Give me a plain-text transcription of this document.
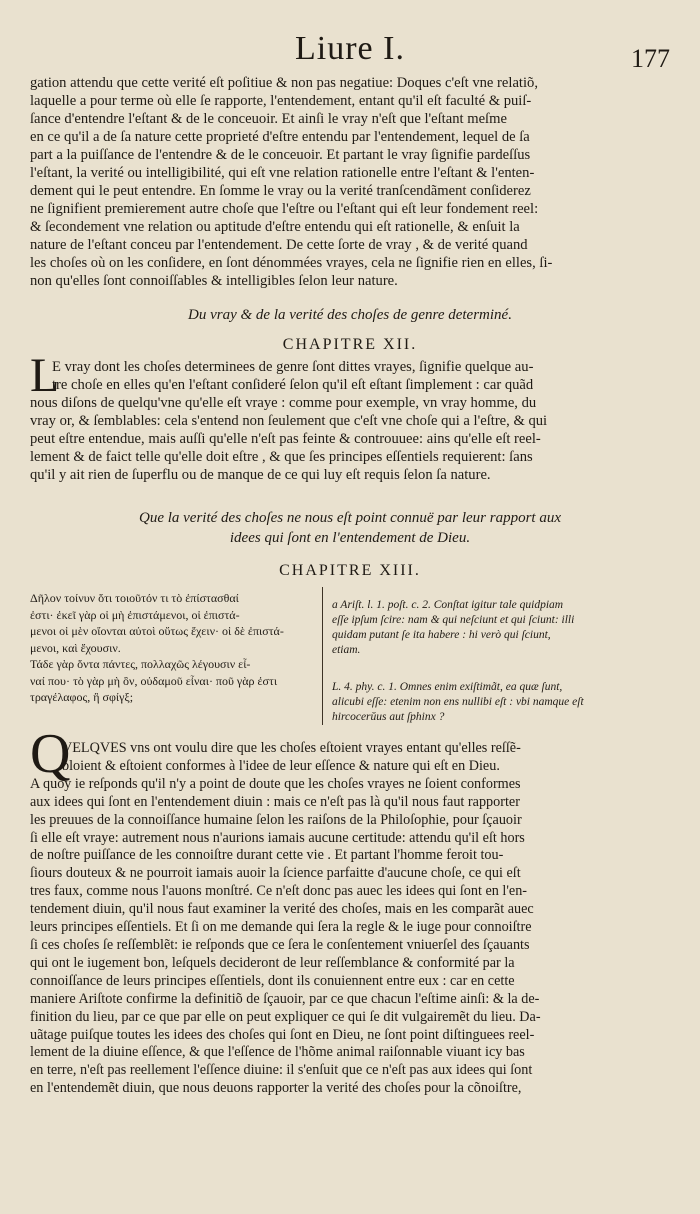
Liure I.	177
gation attendu que cette verité eſt poſitiue & non pas negatiue: Doques c'eſt vne relatiõ,
laquelle a pour terme où elle ſe rapporte, l'entendement, entant qu'il eſt faculté & puiſ-
ſance d'entendre l'eſtant & de le conceuoir. Et ainſi le vray n'eſt que l'eſtant meſme
en ce qu'il a de ſa nature cette proprieté d'eſtre entendu par l'entendement, lequel de ſa
part a la puiſſance de l'entendre & de le conceuoir. Et partant le vray ſignifie pardeſſus
l'eſtant, la verité ou intelligibilité, qui eſt vne relation rationelle entre l'eſtant & l'enten-
dement qui le peut entendre. En ſomme le vray ou la verité tranſcendãment conſiderez
ne ſignifient premierement autre choſe que l'eſtre ou l'eſtant qui eſt leur fondement reel:
& ſecondement vne relation ou aptitude d'eſtre entendu qui eſt rationelle, & enſuit la
nature de l'eſtant conceu par l'entendement. De cette ſorte de vray , & de verité quand
les choſes où on les conſidere, en ſont dénommées vrayes, cela ne ſignifie rien en elles, ſi-
non qu'elles ſont connoiſſables & intelligibles ſelon leur nature.
Du vray & de la verité des choſes de genre determiné.
CHAPITRE XII.
L
E vray dont les choſes determinees de genre ſont dittes vrayes, ſignifie quelque au-
tre choſe en elles qu'en l'eſtant conſideré ſelon qu'il eſt eſtant ſimplement : car quãd
nous diſons de quelqu'vne qu'elle eſt vraye : comme pour exemple, vn vray homme, du
vray or, & ſemblables: cela s'entend non ſeulement que c'eſt vne choſe qui a l'eſtre, & qui
peut eſtre entendue, mais auſſi qu'elle n'eſt pas feinte & controuuee: ains qu'elle eſt reel-
lement & de faict telle qu'elle doit eſtre , & que ſes principes eſſentiels requierent: ſans
qu'il y ait rien de ſuperflu ou de manque de ce qui luy eſt requis ſelon ſa nature.
Que la verité des choſes ne nous eſt point connuë par leur rapport aux
idees qui ſont en l'entendement de Dieu.
CHAPITRE XIII.
Δῆλον τοίνυν ὅτι τοιοῦτόν τι τὸ ἐπίστασθαί
ἐστι· ἐκεῖ γὰρ οἱ μὴ ἐπιστάμενοι, οἱ ἐπιστά-
μενοι οἱ μὲν οἴονται αὐτοὶ οὕτως ἔχειν· οἱ δὲ ἐπιστά-
μενοι, καὶ ἔχουσιν.
Τάδε γὰρ ὄντα πάντες, πολλαχῶς λέγουσιν εἶ-
ναί που· τὸ γὰρ μὴ ὂν, οὐδαμοῦ εἶναι· ποῦ γὰρ ἐστι
τραγέλαφος, ἢ σφίγξ;
a Ariſt. l. 1. poſt. c. 2. Conſtat igitur tale quidpiam
eſſe ipſum ſcire: nam & qui neſciunt et qui ſciunt: illi
quidam putant ſe ita habere : hi verò qui ſciunt,
etiam.
L. 4. phy. c. 1. Omnes enim exiſtimãt, ea quæ ſunt,
alicubi eſſe: etenim non ens nullibi eſt : vbi namque eſt
hircocerŭus aut ſphinx ?
Q
VELQVES vns ont voulu dire que les choſes eſtoient vrayes entant qu'elles reſſẽ-
bloient & eſtoient conformes à l'idee de leur eſſence & nature qui eſt en Dieu.
A quoy ie reſponds qu'il n'y a point de doute que les choſes vrayes ne ſoient conformes
aux idees qui ſont en l'entendement diuin : mais ce n'eſt pas là qu'il nous faut rapporter
les preuues de la connoiſſance humaine ſelon les raiſons de la Philoſophie, pour ſçauoir
ſi elle eſt vraye: autrement nous n'aurions iamais aucune certitude: attendu qu'il eſt hors
de noſtre puiſſance de les connoiſtre durant cette vie . Et partant l'homme feroit tou-
ſiours douteux & ne pourroit iamais auoir la ſcience parfaitte d'aucune choſe, ce qui eſt
tres faux, comme nous l'auons monſtré. Ce n'eſt donc pas auec les idees qui ſont en l'en-
tendement diuin, qu'il nous faut examiner la verité des choſes, mais en les comparãt auec
leurs principes eſſentiels. Et ſi on me demande qui ſera la regle & le iuge pour connoiſtre
ſi ces choſes ſe reſſemblẽt: ie reſponds que ce ſera le conſentement vniuerſel des ſçauants
qui ont le iugement bon, leſquels decideront de leur reſſemblance & conformité par la
connoiſſance de leurs principes eſſentiels, dont ils conuiennent entre eux : car en cette
maniere Ariſtote confirme la definitiõ de ſçauoir, par ce que chacun l'eſtime ainſi: & la de-
finition du lieu, par ce que par elle on peut expliquer ce qui ſe dit vulgairemẽt du lieu. Da-
uãtage puiſque toutes les idees des choſes qui ſont en Dieu, ne ſont point diſtinguees reel-
lement de la diuine eſſence, & que l'eſſence de l'hõme animal raiſonnable viuant icy bas
en terre, n'eſt pas reellement l'eſſence diuine: il s'enſuit que ce n'eſt pas aux idees qui ſont
en l'entendemẽt diuin, que nous deuons rapporter la verité des choſes pour la cõnoiſtre,
